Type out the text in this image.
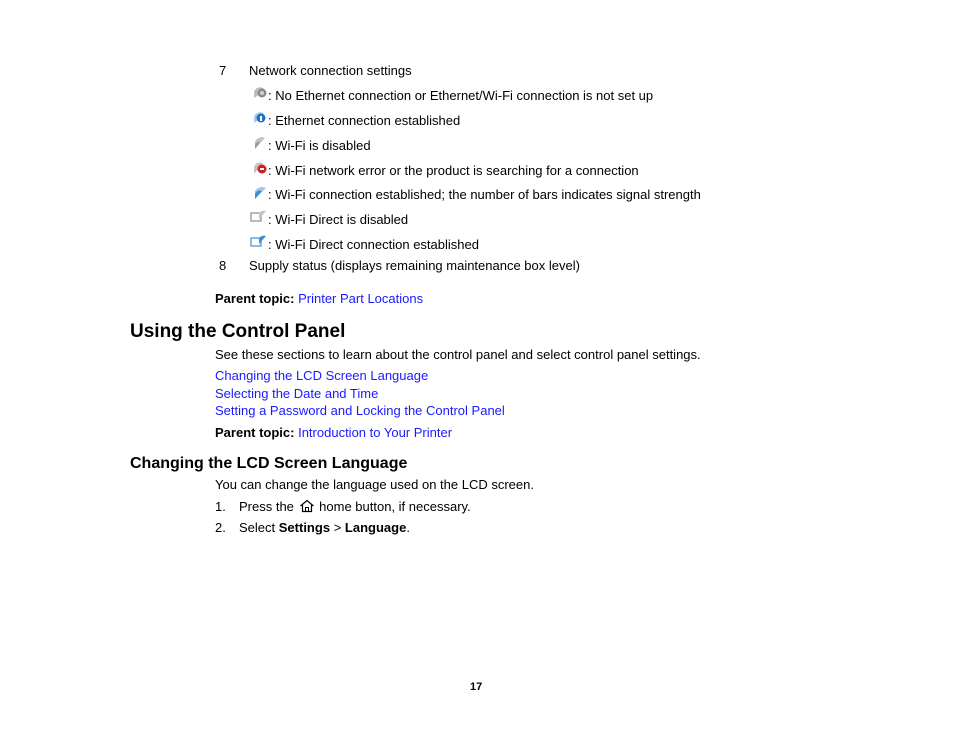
7 Network connection settings
: No Ethernet connection or Ethernet/Wi-Fi connection is not set up
: Ethernet connection established
: Wi-Fi is disabled
: Wi-Fi network error or the product is searching for a connection
: Wi-Fi connection established; the number of bars indicates signal strength
: Wi-Fi Direct is disabled
: Wi-Fi Direct connection established
8 Supply status (displays remaining maintenance box level)
Parent topic: Printer Part Locations
Using the Control Panel
See these sections to learn about the control panel and select control panel settings.
Changing the LCD Screen Language
Selecting the Date and Time
Setting a Password and Locking the Control Panel
Parent topic: Introduction to Your Printer
Changing the LCD Screen Language
You can change the language used on the LCD screen.
1. Press the home button, if necessary.
2. Select Settings > Language.
17
